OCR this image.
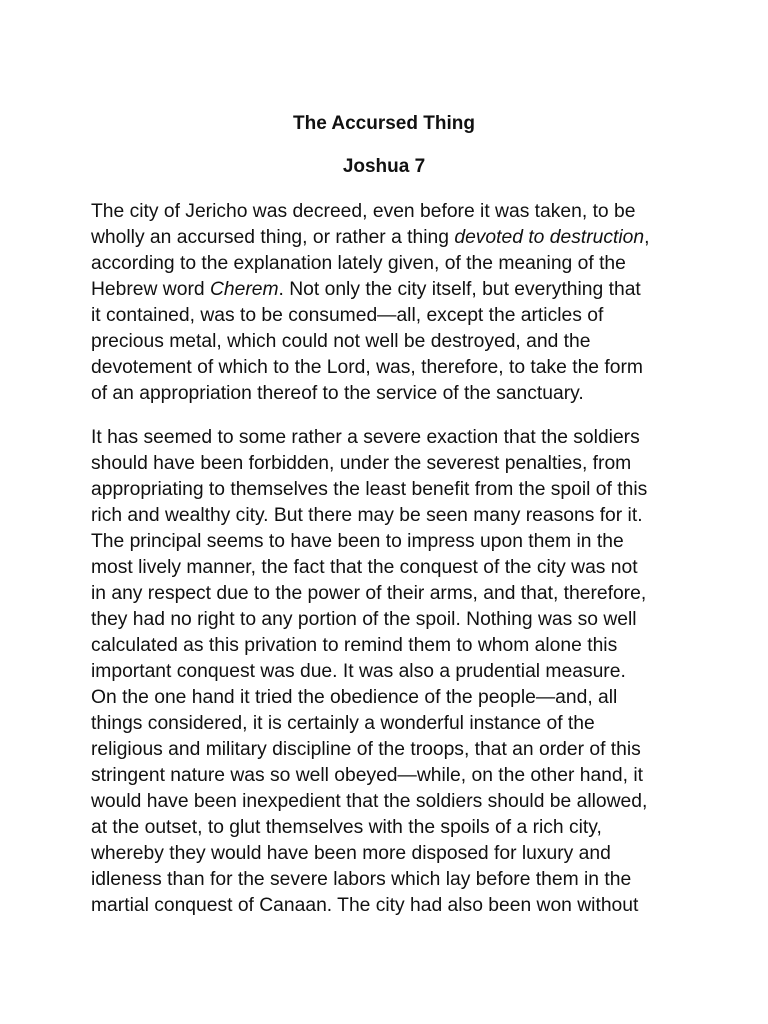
The Accursed Thing
Joshua 7

The city of Jericho was decreed, even before it was taken, to be
wholly an accursed thing, or rather a thing devoted to destruction,
according to the explanation lately given, of the meaning of the
Hebrew word Cherem. Not only the city itself, but everything that
it contained, was to be consumed—all, except the articles of
precious metal, which could not well be destroyed, and the
devotement of which to the Lord, was, therefore, to take the form
of an appropriation thereof to the service of the sanctuary.

It has seemed to some rather a severe exaction that the soldiers
should have been forbidden, under the severest penalties, from
appropriating to themselves the least benefit from the spoil of this
rich and wealthy city. But there may be seen many reasons for it.
The principal seems to have been to impress upon them in the
most lively manner, the fact that the conquest of the city was not
in any respect due to the power of their arms, and that, therefore,
they had no right to any portion of the spoil. Nothing was so well
calculated as this privation to remind them to whom alone this
important conquest was due. It was also a prudential measure.
On the one hand it tried the obedience of the people—and, all
things considered, it is certainly a wonderful instance of the
religious and military discipline of the troops, that an order of this
stringent nature was so well obeyed—while, on the other hand, it
would have been inexpedient that the soldiers should be allowed,
at the outset, to glut themselves with the spoils of a rich city,
whereby they would have been more disposed for luxury and
idleness than for the severe labors which lay before them in the
martial conquest of Canaan. The city had also been won without
